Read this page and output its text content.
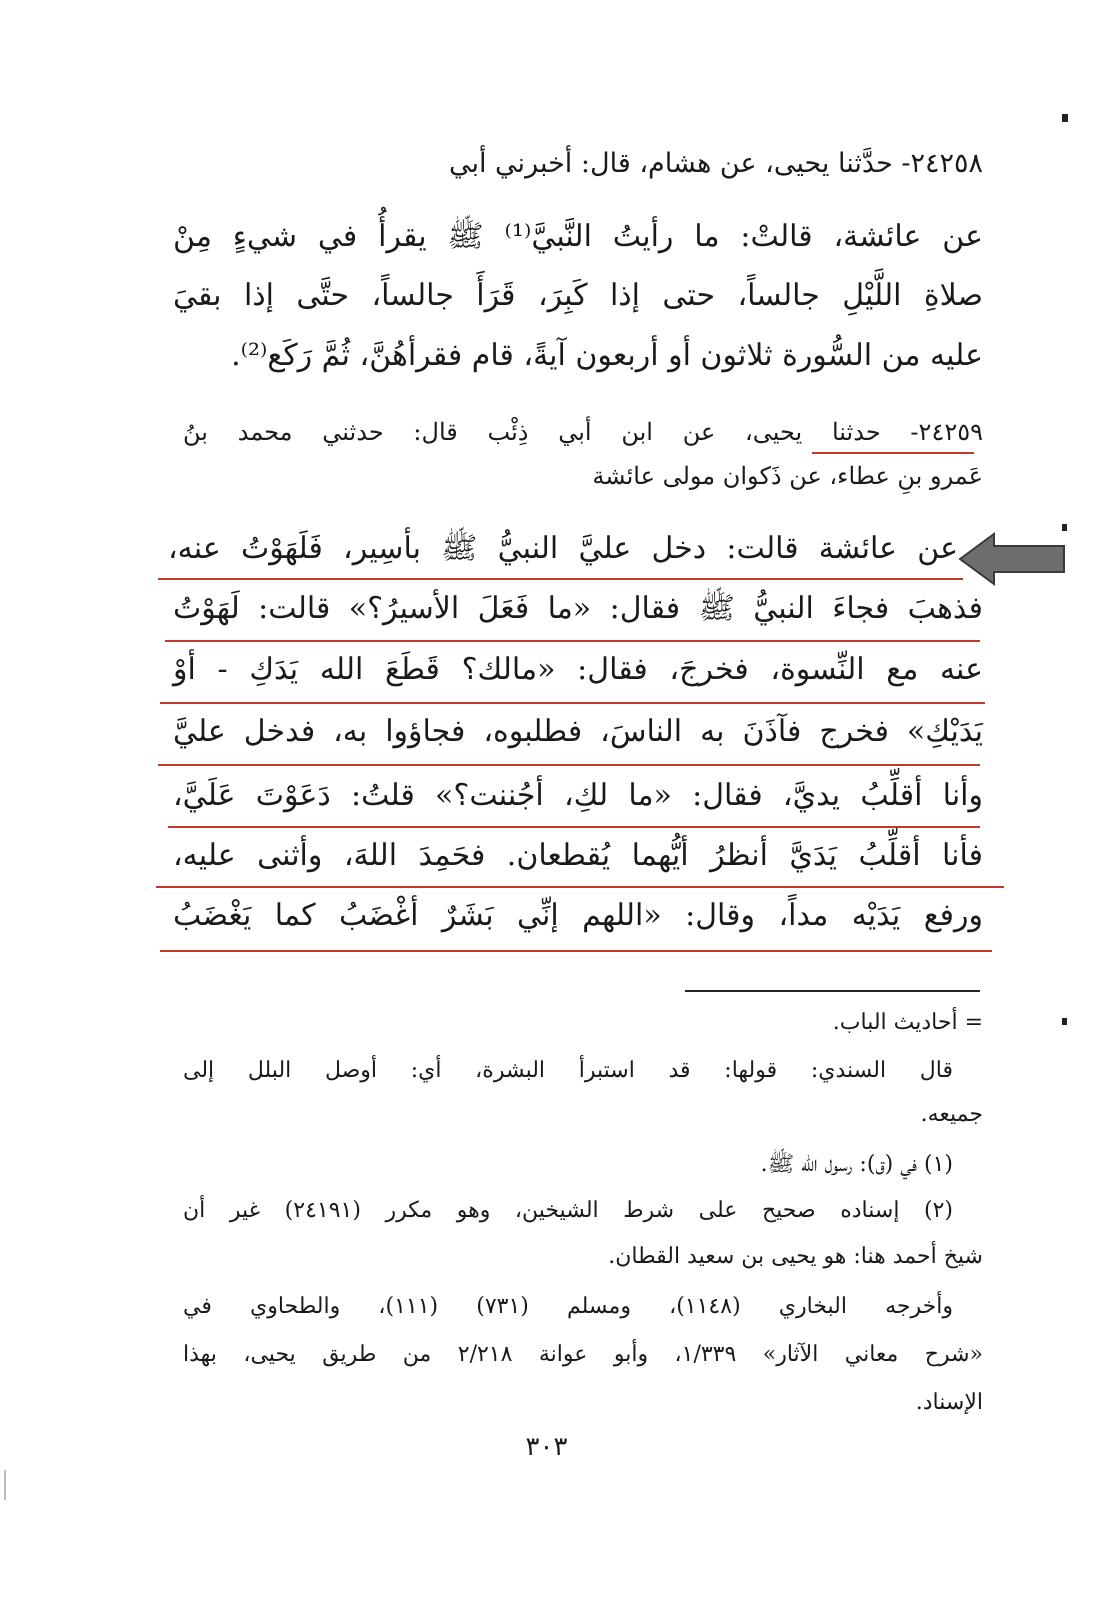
٢٤٢٥٨- حدَّثنا يحيى، عن هشام، قال: أخبرني أبي
عن عائشة، قالتْ: ما رأيتُ النَّبيَّ⁽¹⁾ ﷺ يقرأُ في شيءٍ مِنْ
صلاةِ اللَّيْلِ جالساً، حتى إذا كَبِرَ، قَرَأَ جالساً، حتَّى إذا بقيَ
عليه من السُّورة ثلاثون أو أربعون آيةً، قام فقرأهُنَّ، ثُمَّ رَكَع⁽²⁾.
٢٤٢٥٩- حدثنا يحيى، عن ابن أبي ذِئْب قال: حدثني محمد بنُ
عَمرو بنِ عطاء، عن ذَكوان مولى عائشة
عن عائشة قالت: دخل عليَّ النبيُّ ﷺ بأسِير، فَلَهَوْتُ عنه،
فذهبَ فجاءَ النبيُّ ﷺ فقال: «ما فَعَلَ الأسيرُ؟» قالت: لَهَوْتُ
عنه مع النِّسوة، فخرجَ، فقال: «مالك؟ قَطَعَ الله يَدَكِ - أوْ
يَدَيْكِ» فخرج فآذَنَ به الناسَ، فطلبوه، فجاؤوا به، فدخل عليَّ
وأنا أقلِّبُ يديَّ، فقال: «ما لكِ، أجُننت؟» قلتُ: دَعَوْتَ عَلَيَّ،
فأنا أقلِّبُ يَدَيَّ أنظرُ أيُّهما يُقطعان. فحَمِدَ اللهَ، وأثنى عليه،
ورفع يَدَيْه مداً، وقال: «اللهم إنِّي بَشَرٌ أغْضَبُ كما يَغْضَبُ
= أحاديث الباب.
قال السندي: قولها: قد استبرأ البشرة، أي: أوصل البلل إلى
جميعه.
(١) في (ق): رسول الله ﷺ.
(٢) إسناده صحيح على شرط الشيخين، وهو مكرر (٢٤١٩١) غير أن
شيخ أحمد هنا: هو يحيى بن سعيد القطان.
وأخرجه البخاري (١١٤٨)، ومسلم (٧٣١) (١١١)، والطحاوي في
«شرح معاني الآثار» ١/٣٣٩، وأبو عوانة ٢/٢١٨ من طريق يحيى، بهذا
الإسناد.
٣٠٣
